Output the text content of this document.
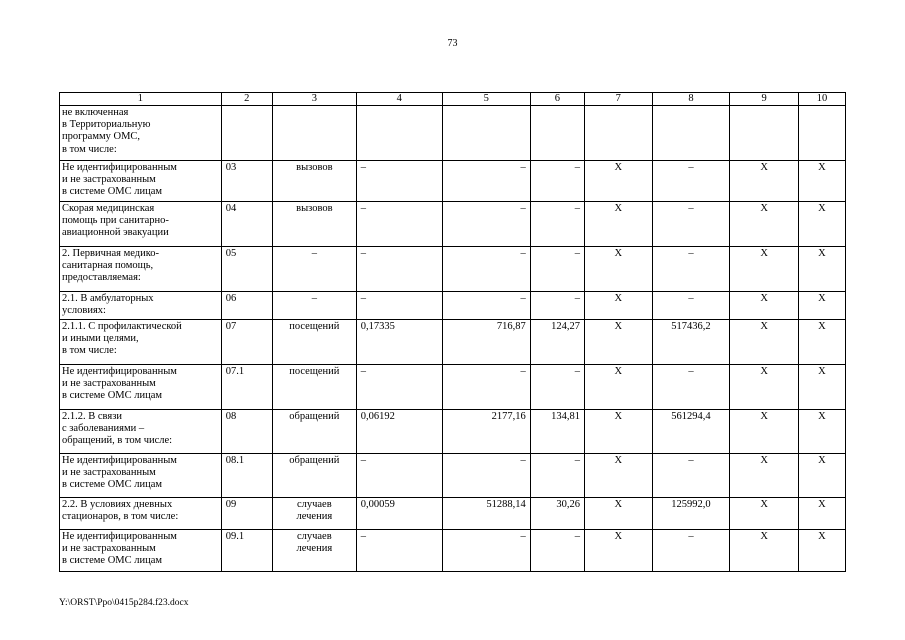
73
1	2	3	4	5	6	7	8	9	10
не включенная
в Территориальную
программу ОМС,
в том числе:									
Не идентифицированным
и не застрахованным
в системе ОМС лицам	03	вызовов	–	–	–	Х	–	Х	Х
Скорая медицинская
помощь при санитарно-
авиационной эвакуации	04	вызовов	–	–	–	Х	–	Х	Х
2. Первичная медико-
санитарная помощь,
предоставляемая:	05	–	–	–	–	Х	–	Х	Х
2.1. В амбулаторных
условиях:	06	–	–	–	–	Х	–	Х	Х
2.1.1. С профилактической
и иными целями,
в том числе:	07	посещений	0,17335	716,87	124,27	Х	517436,2	Х	Х
Не идентифицированным
и не застрахованным
в системе ОМС лицам	07.1	посещений	–	–	–	Х	–	Х	Х
2.1.2. В связи
с заболеваниями –
обращений, в том числе:	08	обращений	0,06192	2177,16	134,81	Х	561294,4	Х	Х
Не идентифицированным
и не застрахованным
в системе ОМС лицам	08.1	обращений	–	–	–	Х	–	Х	Х
2.2. В условиях дневных
стационаров, в том числе:	09	случаев
лечения	0,00059	51288,14	30,26	Х	125992,0	Х	Х
Не идентифицированным
и не застрахованным
в системе ОМС лицам	09.1	случаев
лечения	–	–	–	Х	–	Х	Х
Y:\ORST\Ppo\0415p284.f23.docx
